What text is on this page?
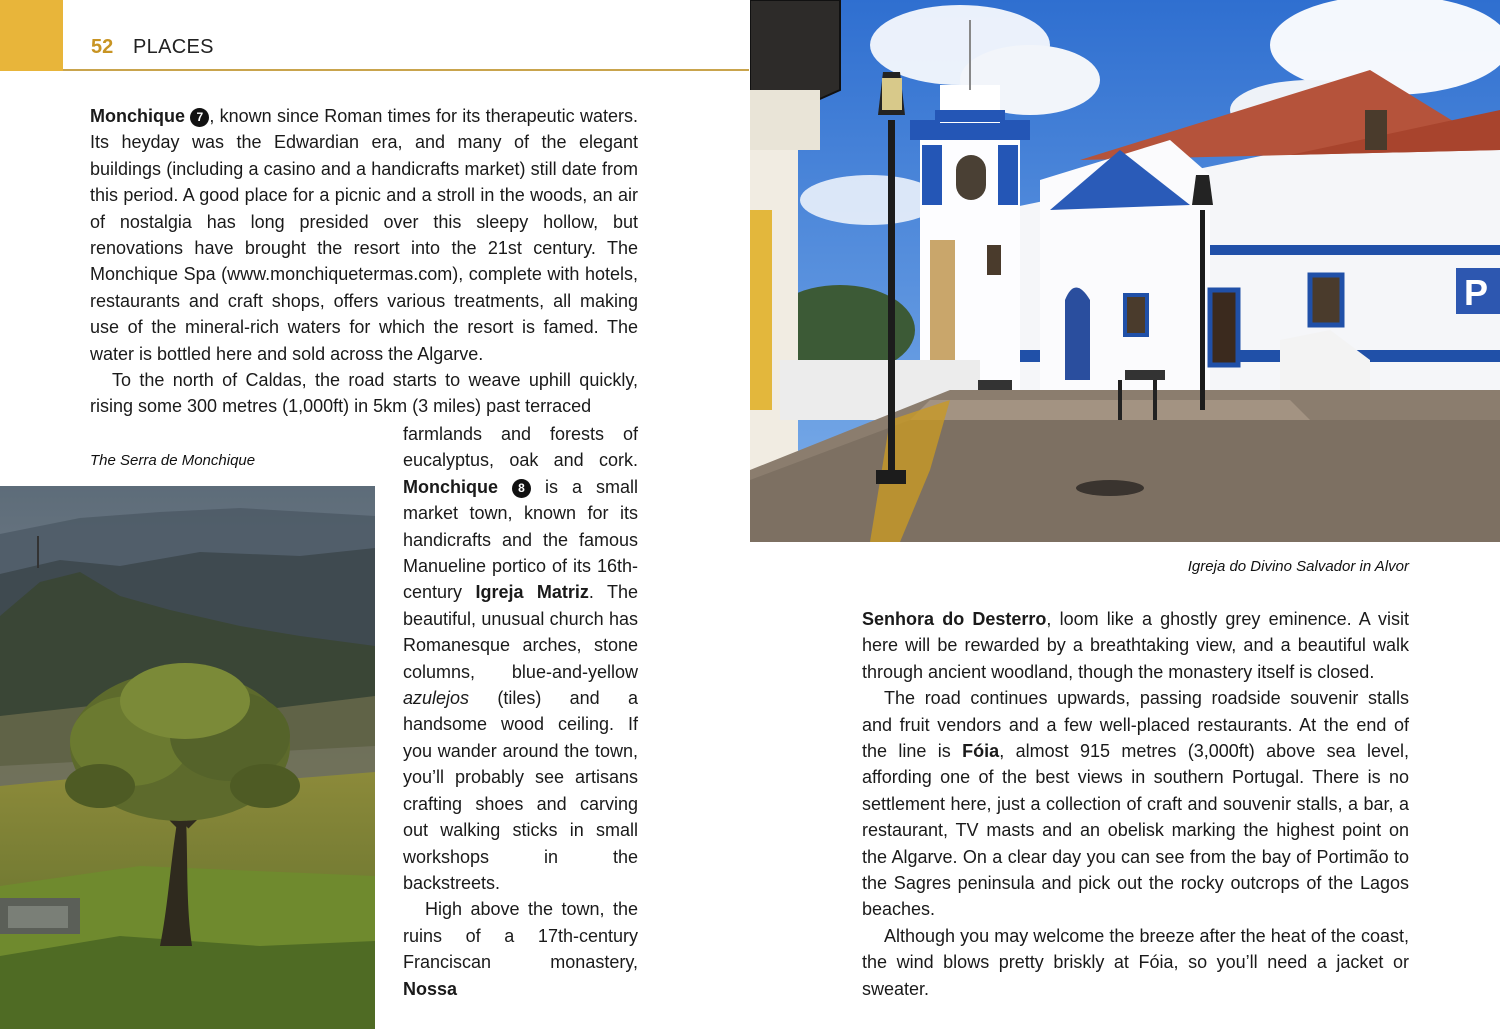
52 PLACES

Monchique 7 , known since Roman times for its therapeutic waters. Its heyday was the Edwardian era, and many of the elegant buildings (including a casino and a handicrafts market) still date from this period. A good place for a picnic and a stroll in the woods, an air of nostalgia has long presided over this sleepy hollow, but renovations have brought the resort into the 21st century. The Monchique Spa (www.monchiquetermas.com), complete with hotels, restaurants and craft shops, offers various treatments, all making use of the mineral-rich waters for which the resort is famed. The water is bottled here and sold across the Algarve.

To the north of Caldas, the road starts to weave uphill quickly, rising some 300 metres (1,000ft) in 5km (3 miles) past terraced

farmlands and forests of eucalyptus, oak and cork. Monchique 8 is a small market town, known for its handicrafts and the famous Manueline portico of its 16th-century Igreja Matriz. The beautiful, unusual church has Romanesque arches, stone columns, blue-and-yellow azulejos (tiles) and a handsome wood ceiling. If you wander around the town, you’ll probably see artisans crafting shoes and carving out walking sticks in small workshops in the backstreets.

High above the town, the ruins of a 17th-century Franciscan monastery, Nossa

The Serra de Monchique
P
Igreja do Divino Salvador in Alvor

Senhora do Desterro, loom like a ghostly grey eminence. A visit here will be rewarded by a breathtaking view, and a beautiful walk through ancient woodland, though the monastery itself is closed.

The road continues upwards, passing roadside souvenir stalls and fruit vendors and a few well-placed restaurants. At the end of the line is Fóia, almost 915 metres (3,000ft) above sea level, affording one of the best views in southern Portugal. There is no settlement here, just a collection of craft and souvenir stalls, a bar, a restaurant, TV masts and an obelisk marking the highest point on the Algarve. On a clear day you can see from the bay of Portimão to the Sagres peninsula and pick out the rocky outcrops of the Lagos beaches.

Although you may welcome the breeze after the heat of the coast, the wind blows pretty briskly at Fóia, so you’ll need a jacket or sweater.
